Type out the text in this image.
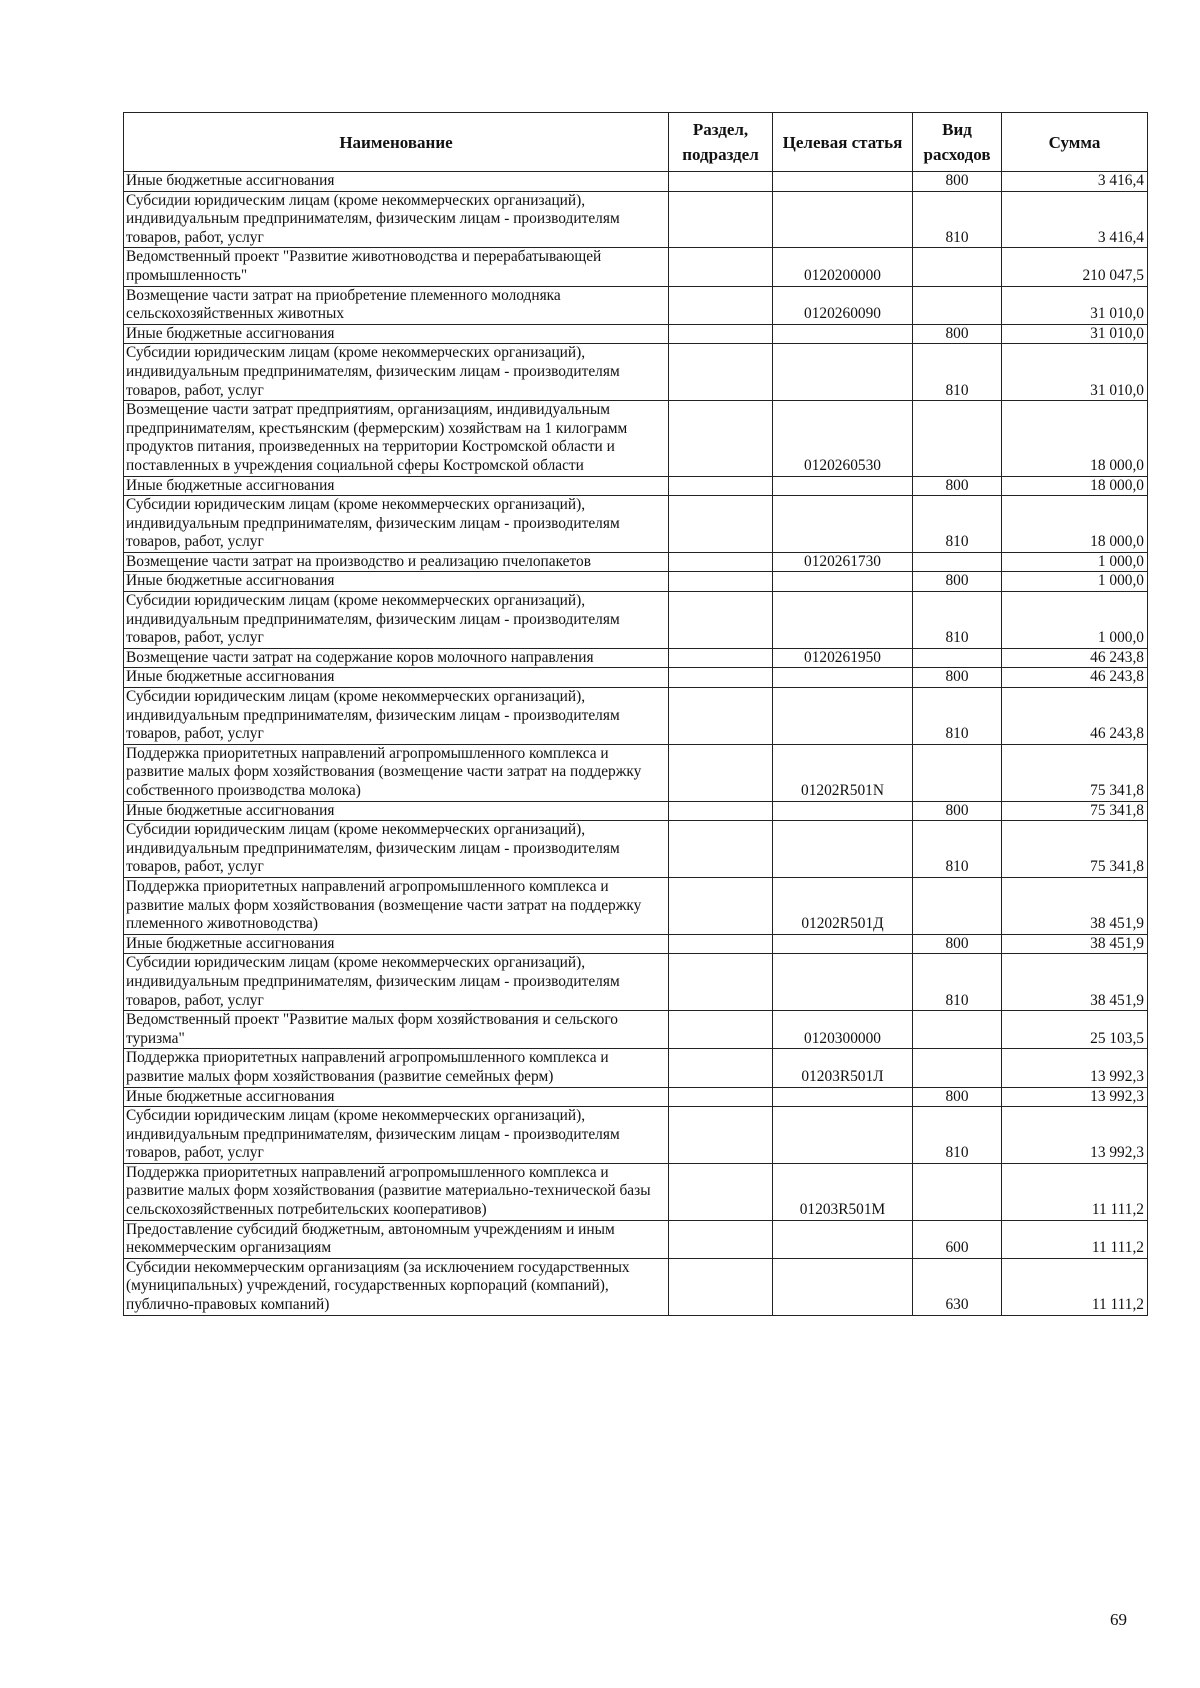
Наименование	Раздел, подраздел	Целевая статья	Вид расходов	Сумма
Иные бюджетные ассигнования			800	3 416,4
Субсидии юридическим лицам (кроме некоммерческих организаций), индивидуальным предпринимателям, физическим лицам - производителям товаров, работ, услуг			810	3 416,4
Ведомственный проект "Развитие животноводства и перерабатывающей промышленность"		0120200000		210 047,5
Возмещение части затрат на приобретение племенного молодняка сельскохозяйственных животных		0120260090		31 010,0
Иные бюджетные ассигнования			800	31 010,0
Субсидии юридическим лицам (кроме некоммерческих организаций), индивидуальным предпринимателям, физическим лицам - производителям товаров, работ, услуг			810	31 010,0
Возмещение части затрат предприятиям, организациям, индивидуальным предпринимателям, крестьянским (фермерским) хозяйствам на 1 килограмм продуктов питания, произведенных на территории Костромской области и поставленных в учреждения социальной сферы Костромской области		0120260530		18 000,0
Иные бюджетные ассигнования			800	18 000,0
Субсидии юридическим лицам (кроме некоммерческих организаций), индивидуальным предпринимателям, физическим лицам - производителям товаров, работ, услуг			810	18 000,0
Возмещение части затрат на производство и реализацию пчелопакетов		0120261730		1 000,0
Иные бюджетные ассигнования			800	1 000,0
Субсидии юридическим лицам (кроме некоммерческих организаций), индивидуальным предпринимателям, физическим лицам - производителям товаров, работ, услуг			810	1 000,0
Возмещение части затрат на содержание коров молочного направления		0120261950		46 243,8
Иные бюджетные ассигнования			800	46 243,8
Субсидии юридическим лицам (кроме некоммерческих организаций), индивидуальным предпринимателям, физическим лицам - производителям товаров, работ, услуг			810	46 243,8
Поддержка приоритетных направлений агропромышленного комплекса и развитие малых форм хозяйствования (возмещение части затрат на поддержку собственного производства молока)		01202R501N		75 341,8
Иные бюджетные ассигнования			800	75 341,8
Субсидии юридическим лицам (кроме некоммерческих организаций), индивидуальным предпринимателям, физическим лицам - производителям товаров, работ, услуг			810	75 341,8
Поддержка приоритетных направлений агропромышленного комплекса и развитие малых форм хозяйствования (возмещение части затрат на поддержку племенного животноводства)		01202R501Д		38 451,9
Иные бюджетные ассигнования			800	38 451,9
Субсидии юридическим лицам (кроме некоммерческих организаций), индивидуальным предпринимателям, физическим лицам - производителям товаров, работ, услуг			810	38 451,9
Ведомственный проект "Развитие малых форм хозяйствования и сельского туризма"		0120300000		25 103,5
Поддержка приоритетных направлений агропромышленного комплекса и развитие малых форм хозяйствования (развитие семейных ферм)		01203R501Л		13 992,3
Иные бюджетные ассигнования			800	13 992,3
Субсидии юридическим лицам (кроме некоммерческих организаций), индивидуальным предпринимателям, физическим лицам - производителям товаров, работ, услуг			810	13 992,3
Поддержка приоритетных направлений агропромышленного комплекса и развитие малых форм хозяйствования (развитие материально-технической базы сельскохозяйственных потребительских кооперативов)		01203R501М		11 111,2
Предоставление субсидий бюджетным, автономным учреждениям и иным некоммерческим организациям			600	11 111,2
Субсидии некоммерческим организациям (за исключением государственных (муниципальных) учреждений, государственных корпораций (компаний), публично-правовых компаний)			630	11 111,2
69
